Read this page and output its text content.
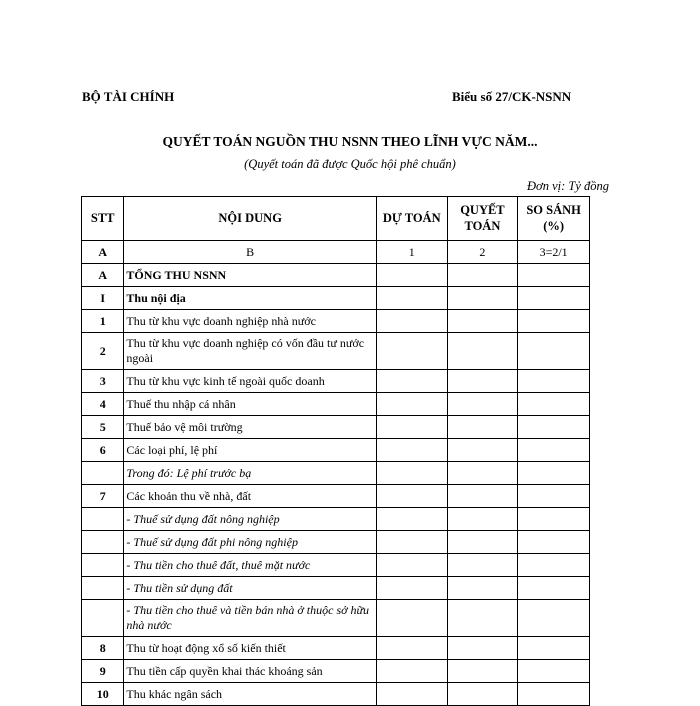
BỘ TÀI CHÍNH	Biểu số 27/CK-NSNN
QUYẾT TOÁN NGUỒN THU NSNN THEO LĨNH VỰC NĂM...
(Quyết toán đã được Quốc hội phê chuẩn)
Đơn vị: Tỷ đồng
STT	NỘI DUNG	DỰ TOÁN	QUYẾT TOÁN	SO SÁNH (%)
A	B	1	2	3=2/1
A	TỔNG THU NSNN			
I	Thu nội địa			
1	Thu từ khu vực doanh nghiệp nhà nước			
2	Thu từ khu vực doanh nghiệp có vốn đầu tư nước ngoài			
3	Thu từ khu vực kinh tế ngoài quốc doanh			
4	Thuế thu nhập cá nhân			
5	Thuế bảo vệ môi trường			
6	Các loại phí, lệ phí			
	Trong đó: Lệ phí trước bạ			
7	Các khoản thu về nhà, đất			
	- Thuế sử dụng đất nông nghiệp			
	- Thuế sử dụng đất phi nông nghiệp			
	- Thu tiền cho thuê đất, thuê mặt nước			
	- Thu tiền sử dụng đất			
	- Thu tiền cho thuê và tiền bán nhà ở thuộc sở hữu nhà nước			
8	Thu từ hoạt động xổ số kiến thiết			
9	Thu tiền cấp quyền khai thác khoáng sản			
10	Thu khác ngân sách			
